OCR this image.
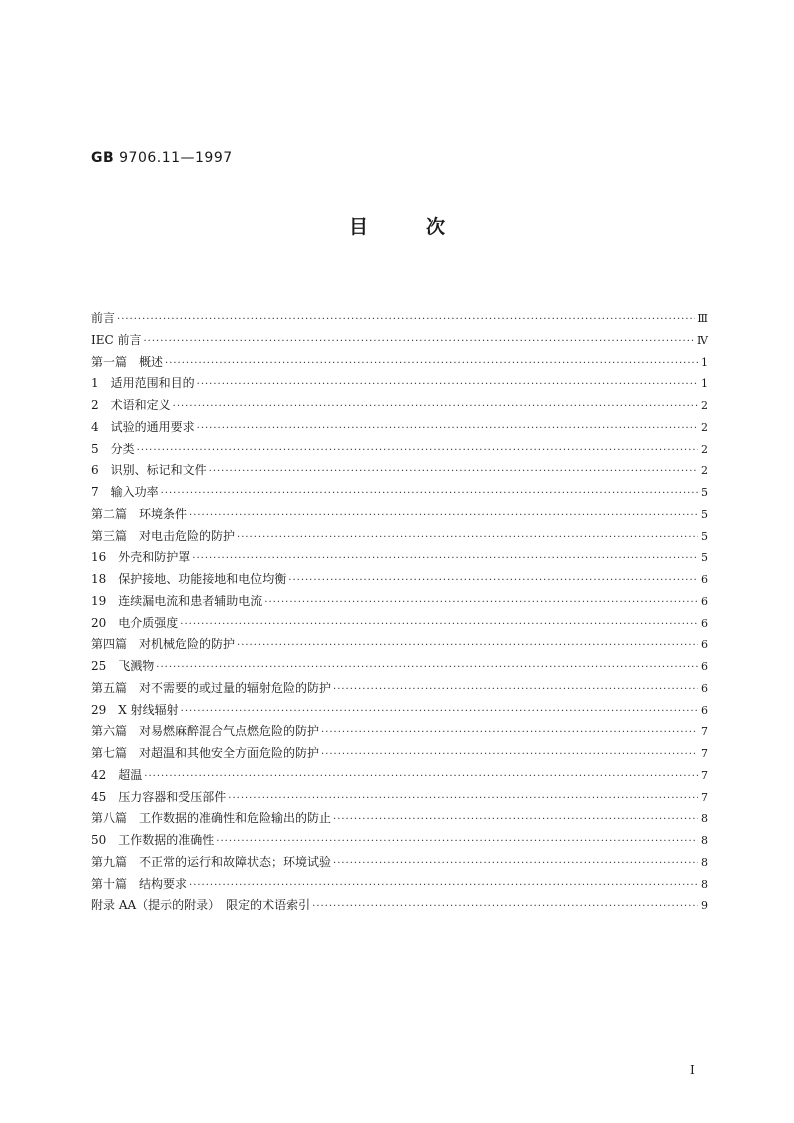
GB 9706.11—1997
目	次
前言 ·····	Ⅲ
IEC 前言 ·····	Ⅳ
第一篇　概述 ·····	1
1　适用范围和目的 ·····	1
2　术语和定义 ·····	2
4　试验的通用要求 ·····	2
5　分类 ·····	2
6　识别、标记和文件 ·····	2
7　输入功率 ·····	5
第二篇　环境条件 ·····	5
第三篇　对电击危险的防护 ·····	5
16　外壳和防护罩 ·····	5
18　保护接地、功能接地和电位均衡 ·····	6
19　连续漏电流和患者辅助电流 ·····	6
20　电介质强度 ·····	6
第四篇　对机械危险的防护 ·····	6
25　飞溅物 ·····	6
第五篇　对不需要的或过量的辐射危险的防护 ·····	6
29　X 射线辐射 ·····	6
第六篇　对易燃麻醉混合气点燃危险的防护 ·····	7
第七篇　对超温和其他安全方面危险的防护 ·····	7
42　超温 ·····	7
45　压力容器和受压部件 ·····	7
第八篇　工作数据的准确性和危险输出的防止 ·····	8
50　工作数据的准确性 ·····	8
第九篇　不正常的运行和故障状态；环境试验 ·····	8
第十篇　结构要求 ·····	8
附录 AA（提示的附录）　限定的术语索引 ·····	9
I
